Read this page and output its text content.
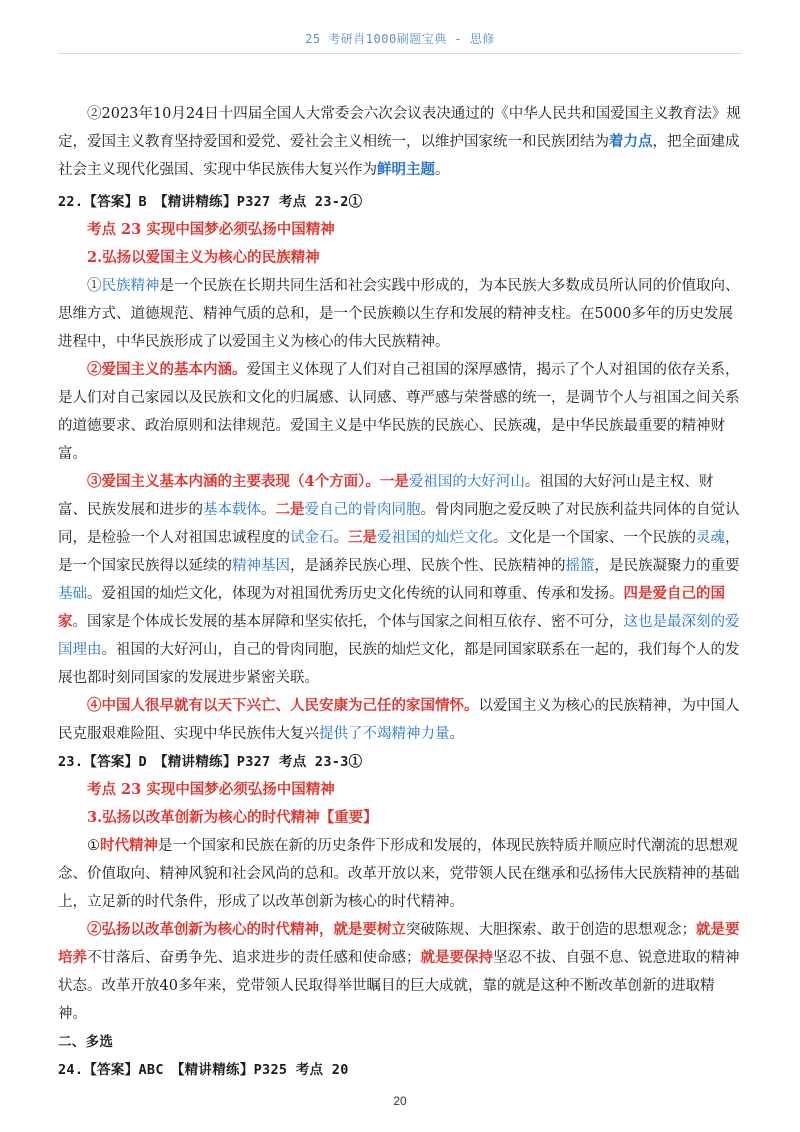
25 考研肖1000刷题宝典 - 思修

②2023年10月24日十四届全国人大常委会六次会议表决通过的《中华人民共和国爱国主义教育法》规定，爱国主义教育坚持爱国和爱党、爱社会主义相统一，以维护国家统一和民族团结为着力点，把全面建成社会主义现代化强国、实现中华民族伟大复兴作为鲜明主题。

22.【答案】B　【精讲精练】P327 考点 23-2①

考点 23 实现中国梦必须弘扬中国精神

2.弘扬以爱国主义为核心的民族精神

①民族精神是一个民族在长期共同生活和社会实践中形成的，为本民族大多数成员所认同的价值取向、思维方式、道德规范、精神气质的总和，是一个民族赖以生存和发展的精神支柱。在5000多年的历史发展进程中，中华民族形成了以爱国主义为核心的伟大民族精神。

②爱国主义的基本内涵。爱国主义体现了人们对自己祖国的深厚感情，揭示了个人对祖国的依存关系，是人们对自己家园以及民族和文化的归属感、认同感、尊严感与荣誉感的统一，是调节个人与祖国之间关系的道德要求、政治原则和法律规范。爱国主义是中华民族的民族心、民族魂，是中华民族最重要的精神财富。

③爱国主义基本内涵的主要表现（4个方面）。一是爱祖国的大好河山。祖国的大好河山是主权、财富、民族发展和进步的基本载体。二是爱自己的骨肉同胞。骨肉同胞之爱反映了对民族利益共同体的自觉认同，是检验一个人对祖国忠诚程度的试金石。三是爱祖国的灿烂文化。文化是一个国家、一个民族的灵魂，是一个国家民族得以延续的精神基因，是涵养民族心理、民族个性、民族精神的摇篮，是民族凝聚力的重要基础。爱祖国的灿烂文化，体现为对祖国优秀历史文化传统的认同和尊重、传承和发扬。四是爱自己的国家。国家是个体成长发展的基本屏障和坚实依托，个体与国家之间相互依存、密不可分，这也是最深刻的爱国理由。祖国的大好河山，自己的骨肉同胞，民族的灿烂文化，都是同国家联系在一起的，我们每个人的发展也都时刻同国家的发展进步紧密关联。

④中国人很早就有以天下兴亡、人民安康为己任的家国情怀。以爱国主义为核心的民族精神，为中国人民克服艰难险阻、实现中华民族伟大复兴提供了不竭精神力量。

23.【答案】D　【精讲精练】P327 考点 23-3①

考点 23 实现中国梦必须弘扬中国精神

3.弘扬以改革创新为核心的时代精神【重要】

①时代精神是一个国家和民族在新的历史条件下形成和发展的，体现民族特质并顺应时代潮流的思想观念、价值取向、精神风貌和社会风尚的总和。改革开放以来，党带领人民在继承和弘扬伟大民族精神的基础上，立足新的时代条件，形成了以改革创新为核心的时代精神。

②弘扬以改革创新为核心的时代精神，就是要树立突破陈规、大胆探索、敢于创造的思想观念；就是要培养不甘落后、奋勇争先、追求进步的责任感和使命感；就是要保持坚忍不拔、自强不息、锐意进取的精神状态。改革开放40多年来，党带领人民取得举世瞩目的巨大成就，靠的就是这种不断改革创新的进取精神。

二、多选

24.【答案】ABC　【精讲精练】P325 考点 20

20
